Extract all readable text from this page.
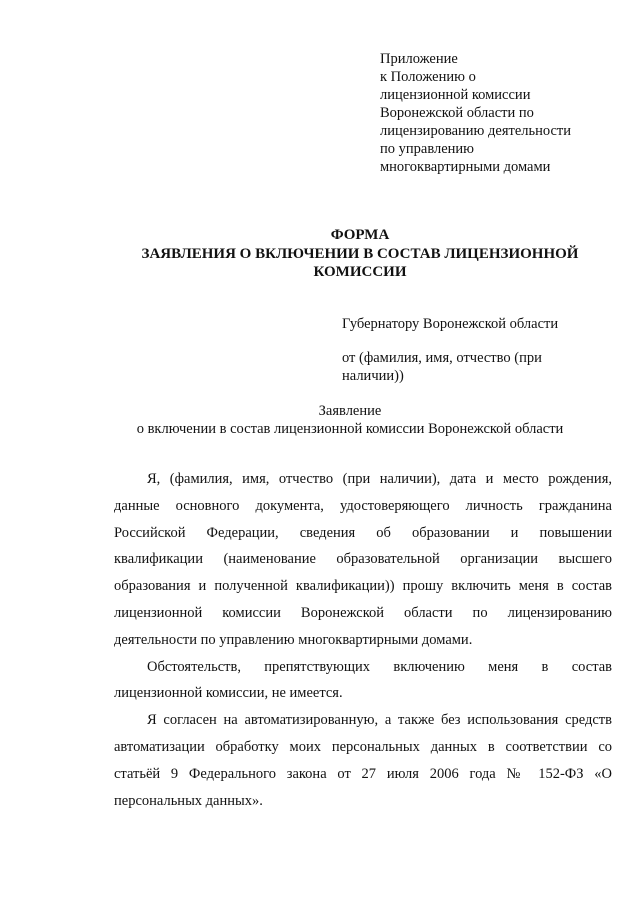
Приложение
к Положению о
лицензионной комиссии
Воронежской области по
лицензированию деятельности
по управлению
многоквартирными домами
ФОРМА
ЗАЯВЛЕНИЯ О ВКЛЮЧЕНИИ В СОСТАВ ЛИЦЕНЗИОННОЙ
КОМИССИИ
Губернатору Воронежской области
от (фамилия, имя, отчество (при
наличии))
Заявление
о включении в состав лицензионной комиссии Воронежской области
Я, (фамилия, имя, отчество (при наличии), дата и место рождения,
данные основного документа, удостоверяющего личность гражданина
Российской Федерации, сведения об образовании и повышении
квалификации (наименование образовательной организации высшего
образования и полученной квалификации)) прошу включить меня в состав
лицензионной комиссии Воронежской области по лицензированию
деятельности по управлению многоквартирными домами.
Обстоятельств, препятствующих включению меня в состав
лицензионной комиссии, не имеется.
Я согласен на автоматизированную, а также без использования средств
автоматизации обработку моих персональных данных в соответствии со
статьёй 9 Федерального закона от 27 июля 2006 года № 152-ФЗ «О
персональных данных».
